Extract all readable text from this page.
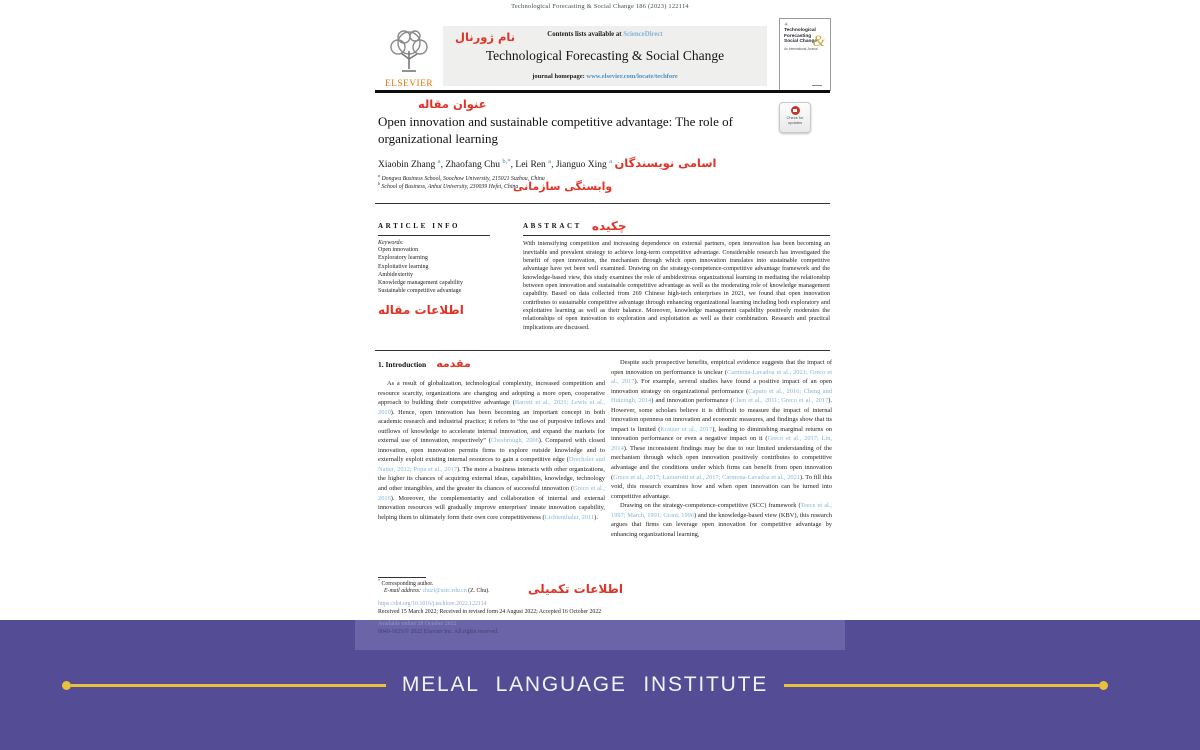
Technological Forecasting & Social Change 186 (2023) 122114
ELSEVIER
Contents lists available at ScienceDirect
نام ژورنال
Technological Forecasting & Social Change
journal homepage: www.elsevier.com/locate/techfore
✳
Technological
Forecasting &
Social Change
An International Journal
عنوان مقاله
Open innovation and sustainable competitive advantage: The role of organizational learning
Check for updates
Xiaobin Zhang $^a$, Zhaofang Chu $^{b,*}$, Lei Ren $^a$, Jianguo Xing $^a$ اسامی نویسندگان
$^a$ Dongwu Business School, Soochow University, 215021 Suzhou, China
$^b$ School of Business, Anhui University, 230039 Hefei, China
وابستگی سازمانی
ARTICLE INFO
Keywords:
Open innovation
Exploratory learning
Exploitative learning
Ambidexterity
Knowledge management capability
Sustainable competitive advantage
اطلاعات مقاله
ABSTRACT چکیده
With intensifying competition and increasing dependence on external partners, open innovation has been becoming an inevitable and prevalent strategy to achieve long-term competitive advantage. Considerable research has investigated the benefit of open innovation, the mechanism through which open innovation translates into sustainable competitive advantage have yet been well examined. Drawing on the strategy-competence-competitive advantage framework and the knowledge-based view, this study examines the role of ambidextrous organizational learning in mediating the relationship between open innovation and sustainable competitive advantage as well as the moderating role of knowledge management capability. Based on data collected from 269 Chinese high-tech enterprises in 2021, we found that open innovation contributes to sustainable competitive advantage through enhancing organizational learning including both exploratory and exploitative learning as well as their balance. Moreover, knowledge management capability positively moderates the relationships of open innovation to exploration and exploitation as well as their combination. Research and practical implications are discussed.
1. Introduction مقدمه
As a result of globalization, technological complexity, increased competition and resource scarcity, organizations are changing and adopting a more open, cooperative approach to building their competitive advantage (Barrett et al., 2021; Lewis et al., 2010). Hence, open innovation has been becoming an important concept in both academic research and industrial practice; it refers to “the use of purposive inflows and outflows of knowledge to accelerate internal innovation, and expand the markets for external use of innovation, respectively” (Chesbrough, 2006). Compared with closed innovation, open innovation permits firms to explore outside knowledge and to externally exploit existing internal resources to gain a competitive edge (Drechsler and Natter, 2012; Popa et al., 2017). The more a business interacts with other organizations, the higher its chances of acquiring external ideas, capabilities, knowledge, technology and other intangibles, and the greater its chances of successful innovation (Greco et al., 2016). Moreover, the complementarity and collaboration of internal and external innovation resources will gradually improve enterprises' innate innovation capability, helping them to ultimately form their own core competitiveness (Lichtenthaler, 2011).
Despite such prospective benefits, empirical evidence suggests that the impact of open innovation on performance is unclear (Carmona-Lavadoa et al., 2021; Greco et al., 2017). For example, several studies have found a positive impact of an open innovation strategy on organizational performance (Caputo et al., 2016; Cheng and Huizingh, 2014) and innovation performance (Chen et al., 2011; Greco et al., 2017). However, some scholars believe it is difficult to measure the impact of internal innovation openness on innovation and economic measures, and findings show that its impact is limited (Kratzer et al., 2017), leading to diminishing marginal returns on innovation performance or even a negative impact on it (Greco et al., 2017; Lin, 2014). These inconsistent findings may be due to our limited understanding of the mechanism through which open innovation positively contributes to competitive advantage and the conditions under which firms can benefit from open innovation (Greco et al., 2017; Lazzarotti et al., 2017; Carmona-Lavadoa et al., 2021). To fill this void, this research examines how and when open innovation can be turned into competitive advantage.
Drawing on the strategy-competence-competitive (SCC) framework (Teece et al., 1997; March, 1991; Grant, 1996) and the knowledge-based view (KBV), this research argues that firms can leverage open innovation for competitive advantage by enhancing organizational learning,
* Corresponding author.
E-mail address: chuzf@ustc.edu.cn (Z. Chu).	اطلاعات تکمیلی
https://doi.org/10.1016/j.techfore.2022.122114
Received 15 March 2022; Received in revised form 24 August 2022; Accepted 16 October 2022
Available online 28 October 2022
0040-1625/© 2022 Elsevier Inc. All rights reserved.
MELAL LANGUAGE INSTITUTE
